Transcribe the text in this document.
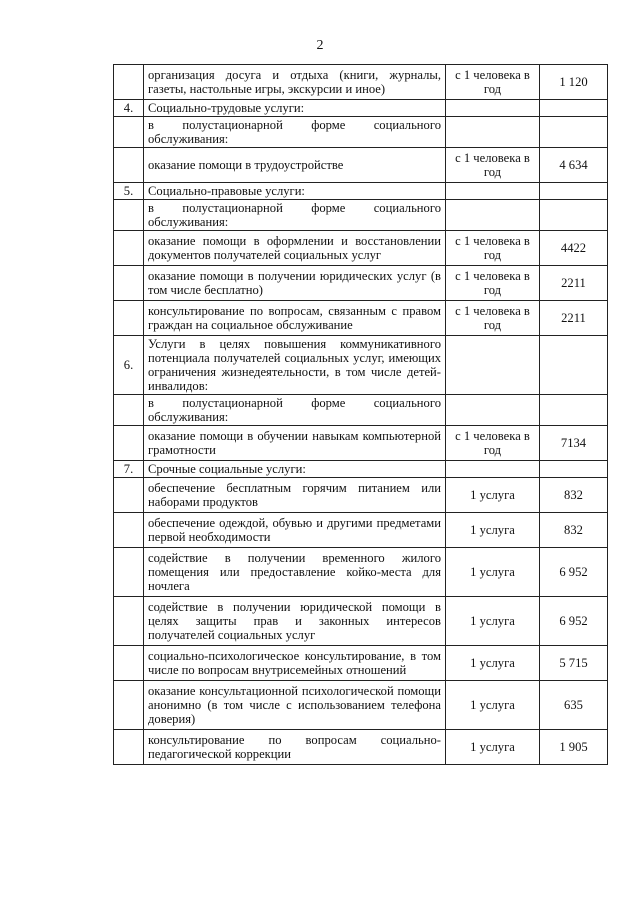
2
	организация досуга и отдыха (книги, журналы, газеты, настольные игры, экскурсии и иное)	с 1 человека в год	1 120
4.	Социально-трудовые услуги:		
	в полустационарной форме социального обслуживания:		
	оказание помощи в трудоустройстве	с 1 человека в год	4 634
5.	Социально-правовые услуги:		
	в полустационарной форме социального обслуживания:		
	оказание помощи в оформлении и восстановлении документов получателей социальных услуг	с 1 человека в год	4422
	оказание помощи в получении юридических услуг (в том числе бесплатно)	с 1 человека в год	2211
	консультирование по вопросам, связанным с правом граждан на социальное обслуживание	с 1 человека в год	2211
6.	Услуги в целях повышения коммуникативного потенциала получателей социальных услуг, имеющих ограничения жизнедеятельности, в том числе детей-инвалидов:		
	в полустационарной форме социального обслуживания:		
	оказание помощи в обучении навыкам компьютерной грамотности	с 1 человека в год	7134
7.	Срочные социальные услуги:		
	обеспечение бесплатным горячим питанием или наборами продуктов	1 услуга	832
	обеспечение одеждой, обувью и другими предметами первой необходимости	1 услуга	832
	содействие в получении временного жилого помещения или предоставление койко-места для ночлега	1 услуга	6 952
	содействие в получении юридической помощи в целях защиты прав и законных интересов получателей социальных услуг	1 услуга	6 952
	социально-психологическое консультирование, в том числе по вопросам внутрисемейных отношений	1 услуга	5 715
	оказание консультационной психологической помощи анонимно (в том числе с использованием телефона доверия)	1 услуга	635
	консультирование по вопросам социально-педагогической коррекции	1 услуга	1 905
